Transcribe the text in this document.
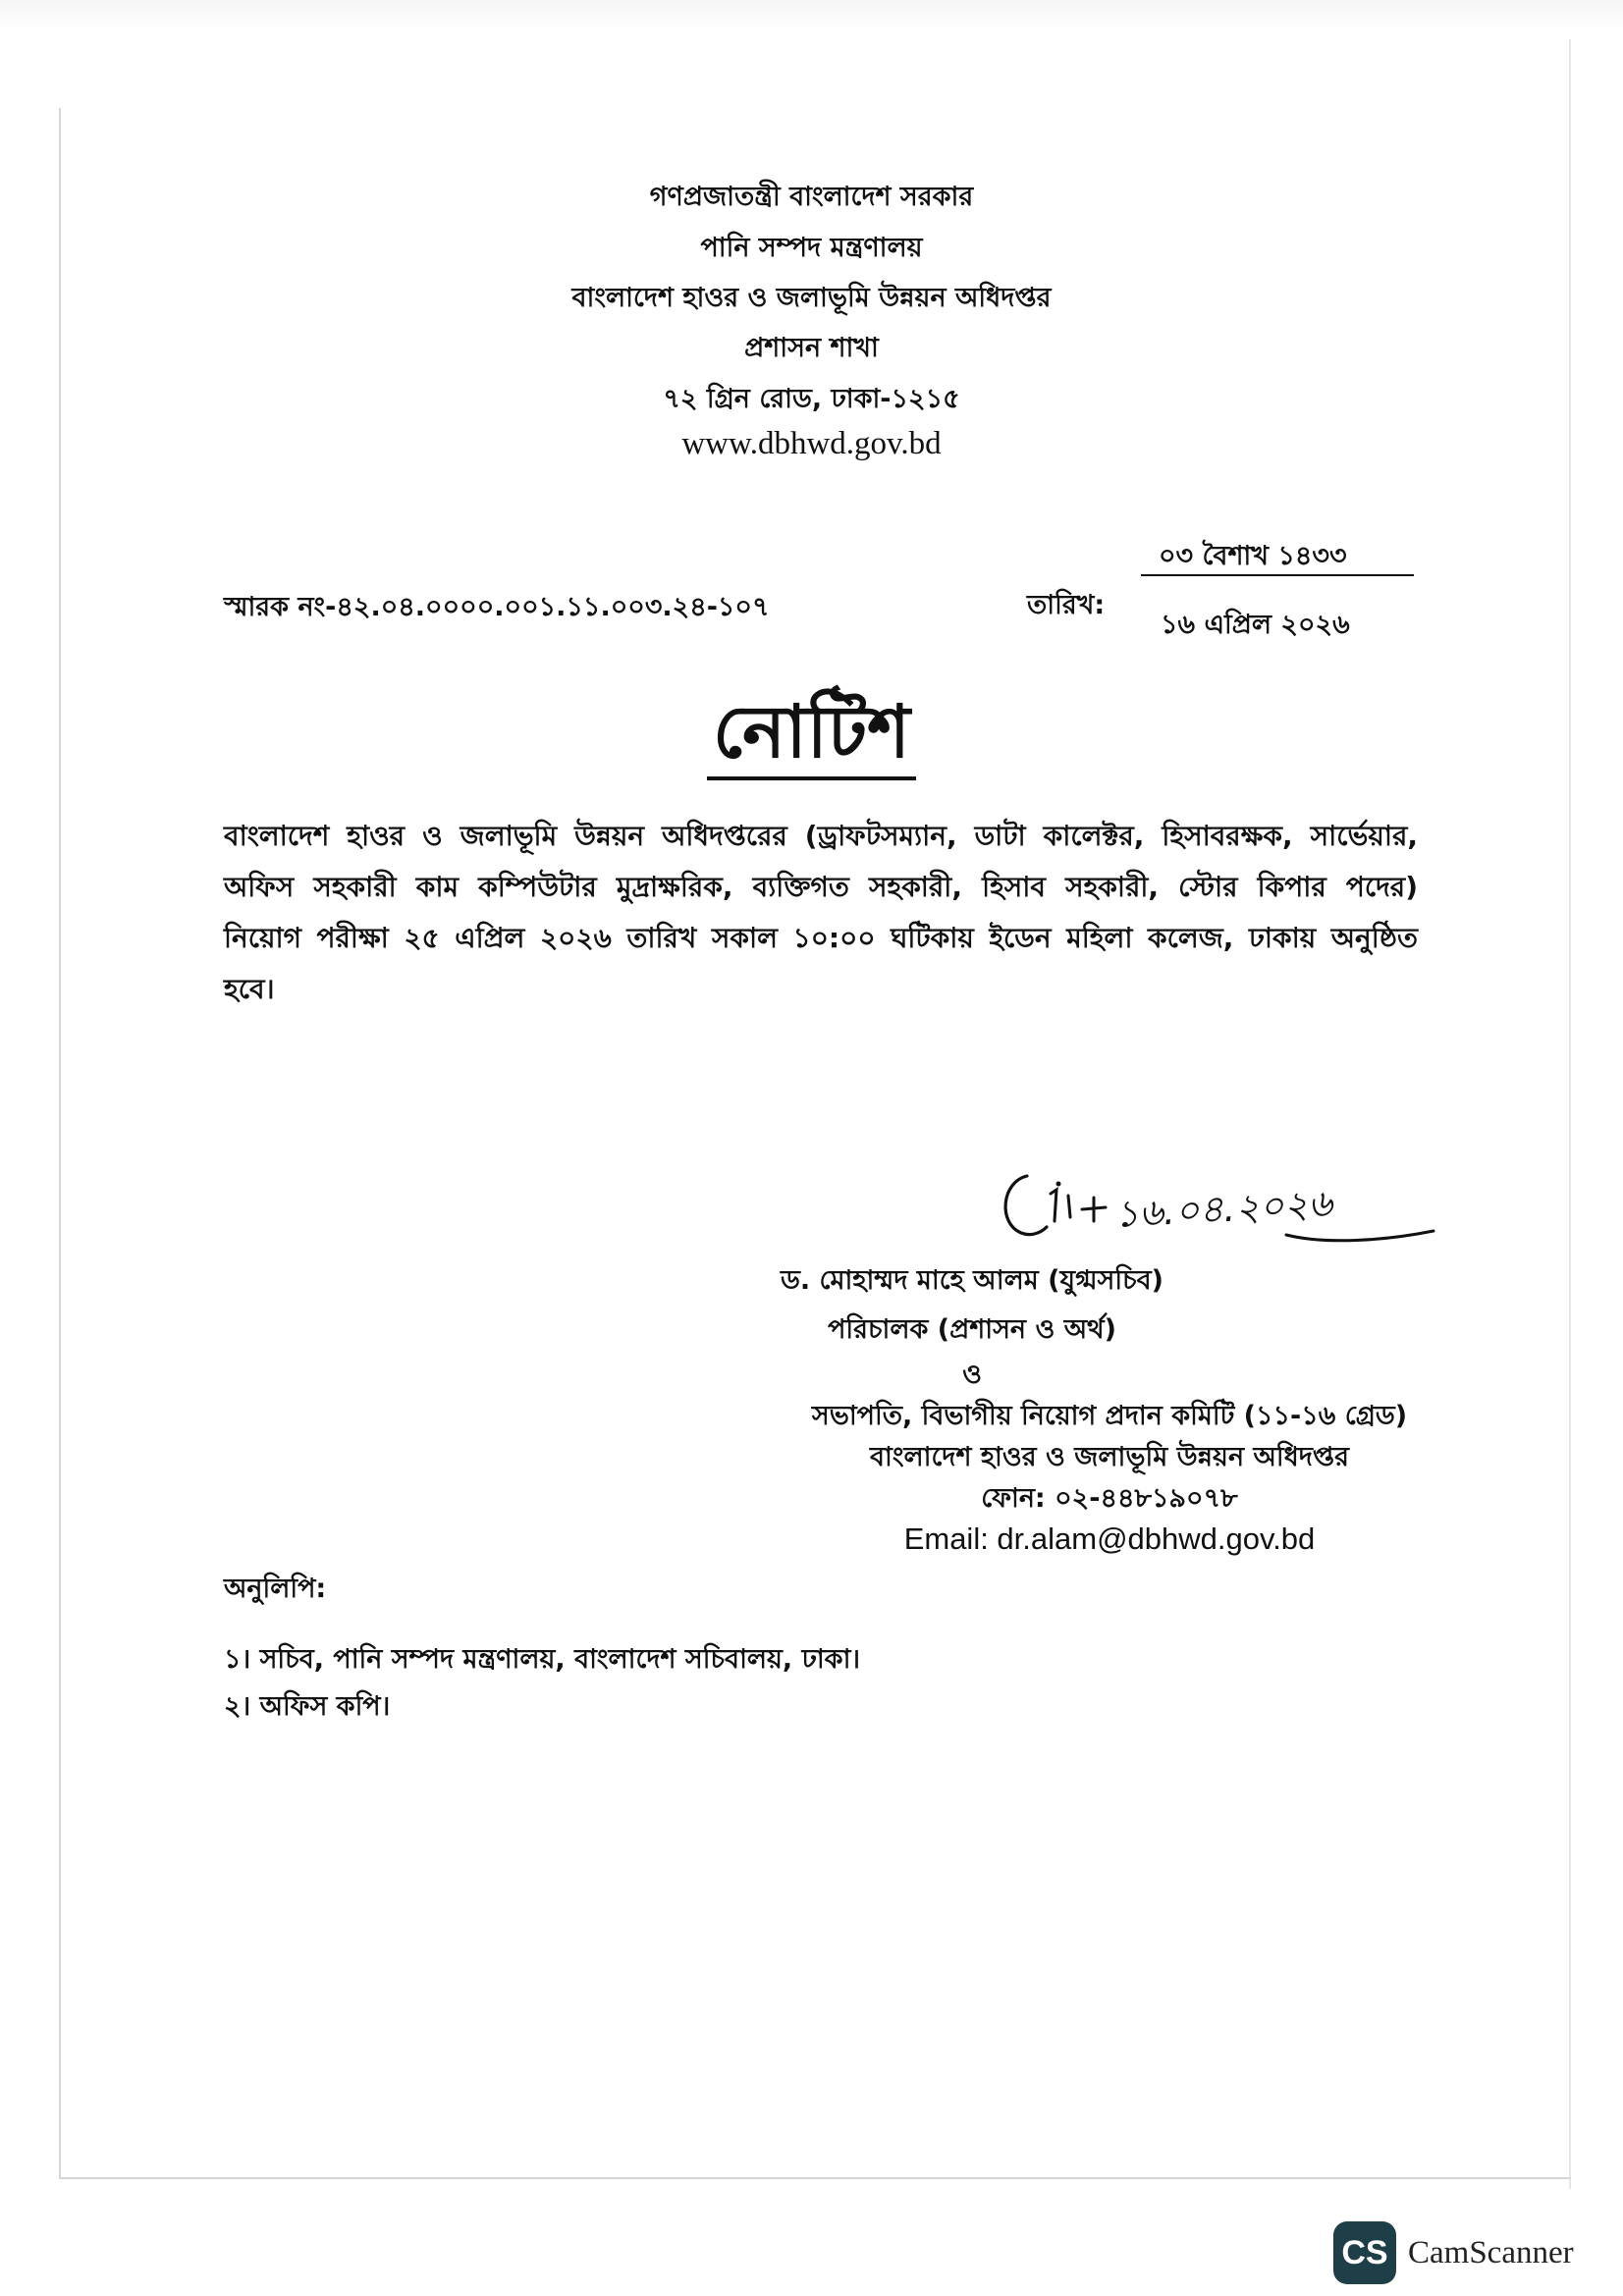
গণপ্রজাতন্ত্রী বাংলাদেশ সরকার
পানি সম্পদ মন্ত্রণালয়
বাংলাদেশ হাওর ও জলাভূমি উন্নয়ন অধিদপ্তর
প্রশাসন শাখা
৭২ গ্রিন রোড, ঢাকা-১২১৫
www.dbhwd.gov.bd
স্মারক নং-৪২.০৪.০০০০.০০১.১১.০০৩.২৪-১০৭	তারিখ:
০৩ বৈশাখ ১৪৩৩
১৬ এপ্রিল ২০২৬
নোটিশ
বাংলাদেশ হাওর ও জলাভূমি উন্নয়ন অধিদপ্তরের (ড্রাফটসম্যান, ডাটা কালেক্টর, হিসাবরক্ষক, সার্ভেয়ার, অফিস সহকারী কাম কম্পিউটার মুদ্রাক্ষরিক, ব্যক্তিগত সহকারী, হিসাব সহকারী, স্টোর কিপার পদের) নিয়োগ পরীক্ষা ২৫ এপ্রিল ২০২৬ তারিখ সকাল ১০:০০ ঘটিকায় ইডেন মহিলা কলেজ, ঢাকায় অনুষ্ঠিত হবে।
১৬.০৪.২০২৬
ড. মোহাম্মদ মাহে আলম (যুগ্মসচিব)
পরিচালক (প্রশাসন ও অর্থ)
ও
সভাপতি, বিভাগীয় নিয়োগ প্রদান কমিটি (১১-১৬ গ্রেড)
বাংলাদেশ হাওর ও জলাভূমি উন্নয়ন অধিদপ্তর
ফোন: ০২-৪৪৮১৯০৭৮
Email: dr.alam@dbhwd.gov.bd
অনুলিপি:
১। সচিব, পানি সম্পদ মন্ত্রণালয়, বাংলাদেশ সচিবালয়, ঢাকা।
২। অফিস কপি।
CS CamScanner
